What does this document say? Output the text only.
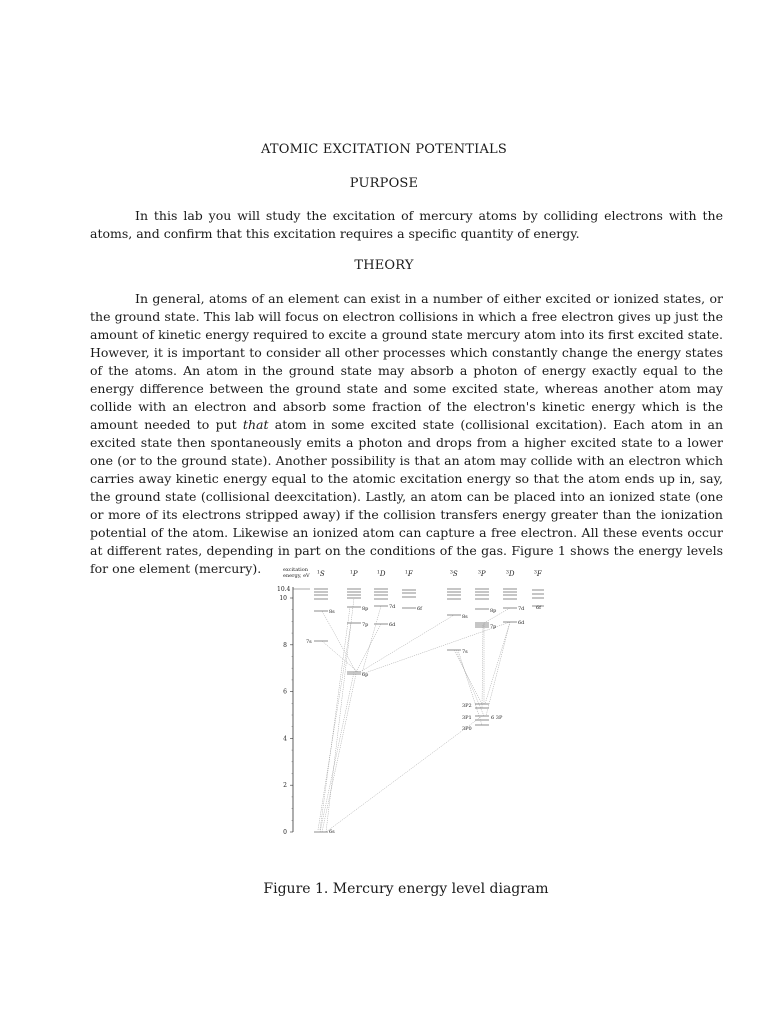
ATOMIC EXCITATION POTENTIALS
PURPOSE

In this lab you will study the excitation of mercury atoms by colliding electrons with the atoms, and confirm that this excitation requires a specific quantity of energy.

THEORY

In general, atoms of an element can exist in a number of either excited or ionized states, or the ground state. This lab will focus on electron collisions in which a free electron gives up just the amount of kinetic energy required to excite a ground state mercury atom into its first excited state. However, it is important to consider all other processes which constantly change the energy states of the atoms. An atom in the ground state may absorb a photon of energy exactly equal to the energy difference between the ground state and some excited state, whereas another atom may collide with an electron and absorb some fraction of the electron's kinetic energy which is the amount needed to put that atom in some excited state (collisional excitation). Each atom in an excited state then spontaneously emits a photon and drops from a higher excited state to a lower one (or to the ground state). Another possibility is that an atom may collide with an electron which carries away kinetic energy equal to the atomic excitation energy so that the atom ends up in, say, the ground state (collisional deexcitation). Lastly, an atom can be placed into an ionized state (one or more of its electrons stripped away) if the collision transfers energy greater than the ionization potential of the atom. Likewise an ionized atom can capture a free electron. All these events occur at different rates, depending in part on the conditions of the gas. Figure 1 shows the energy levels for one element (mercury).	excitation
energy, eV
0
2
4
6
8
10
10.4
$^1$S	$^1$P	$^1$D	$^1$F	$^3$S	$^3$P	$^3$D	$^3$F
7s
8s
6s
8p
7p
6p
7d
6d
6f
8s
7s
8p
7p
7d
6d
6f
3P2
3P1
3P0
6 3P

Figure 1. Mercury energy level diagram
